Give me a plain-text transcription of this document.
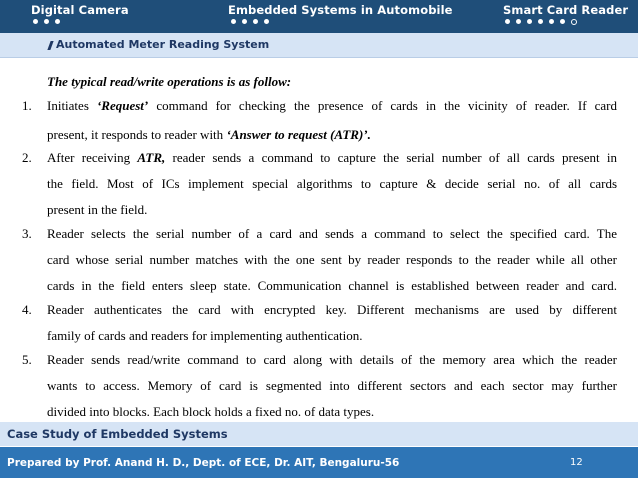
Digital Camera	Embedded Systems in Automobile	Smart Card Reader
Automated Meter Reading System
The typical read/write operations is as follow:
1. Initiates ‘Request’ command for checking the presence of cards in the vicinity of reader. If card
present, it responds to reader with ‘Answer to request (ATR)’.
2. After receiving ATR, reader sends a command to capture the serial number of all cards present in
the field. Most of ICs implement special algorithms to capture & decide serial no. of all cards
present in the field.
3. Reader selects the serial number of a card and sends a command to select the specified card. The
card whose serial number matches with the one sent by reader responds to the reader while all other
cards in the field enters sleep state. Communication channel is established between reader and card.
4. Reader authenticates the card with encrypted key. Different mechanisms are used by different
family of cards and readers for implementing authentication.
5. Reader sends read/write command to card along with details of the memory area which the reader
wants to access. Memory of card is segmented into different sectors and each sector may further
divided into blocks. Each block holds a fixed no. of data types.
Case Study of Embedded Systems
Prepared by Prof. Anand H. D., Dept. of ECE, Dr. AIT, Bengaluru-56	12
